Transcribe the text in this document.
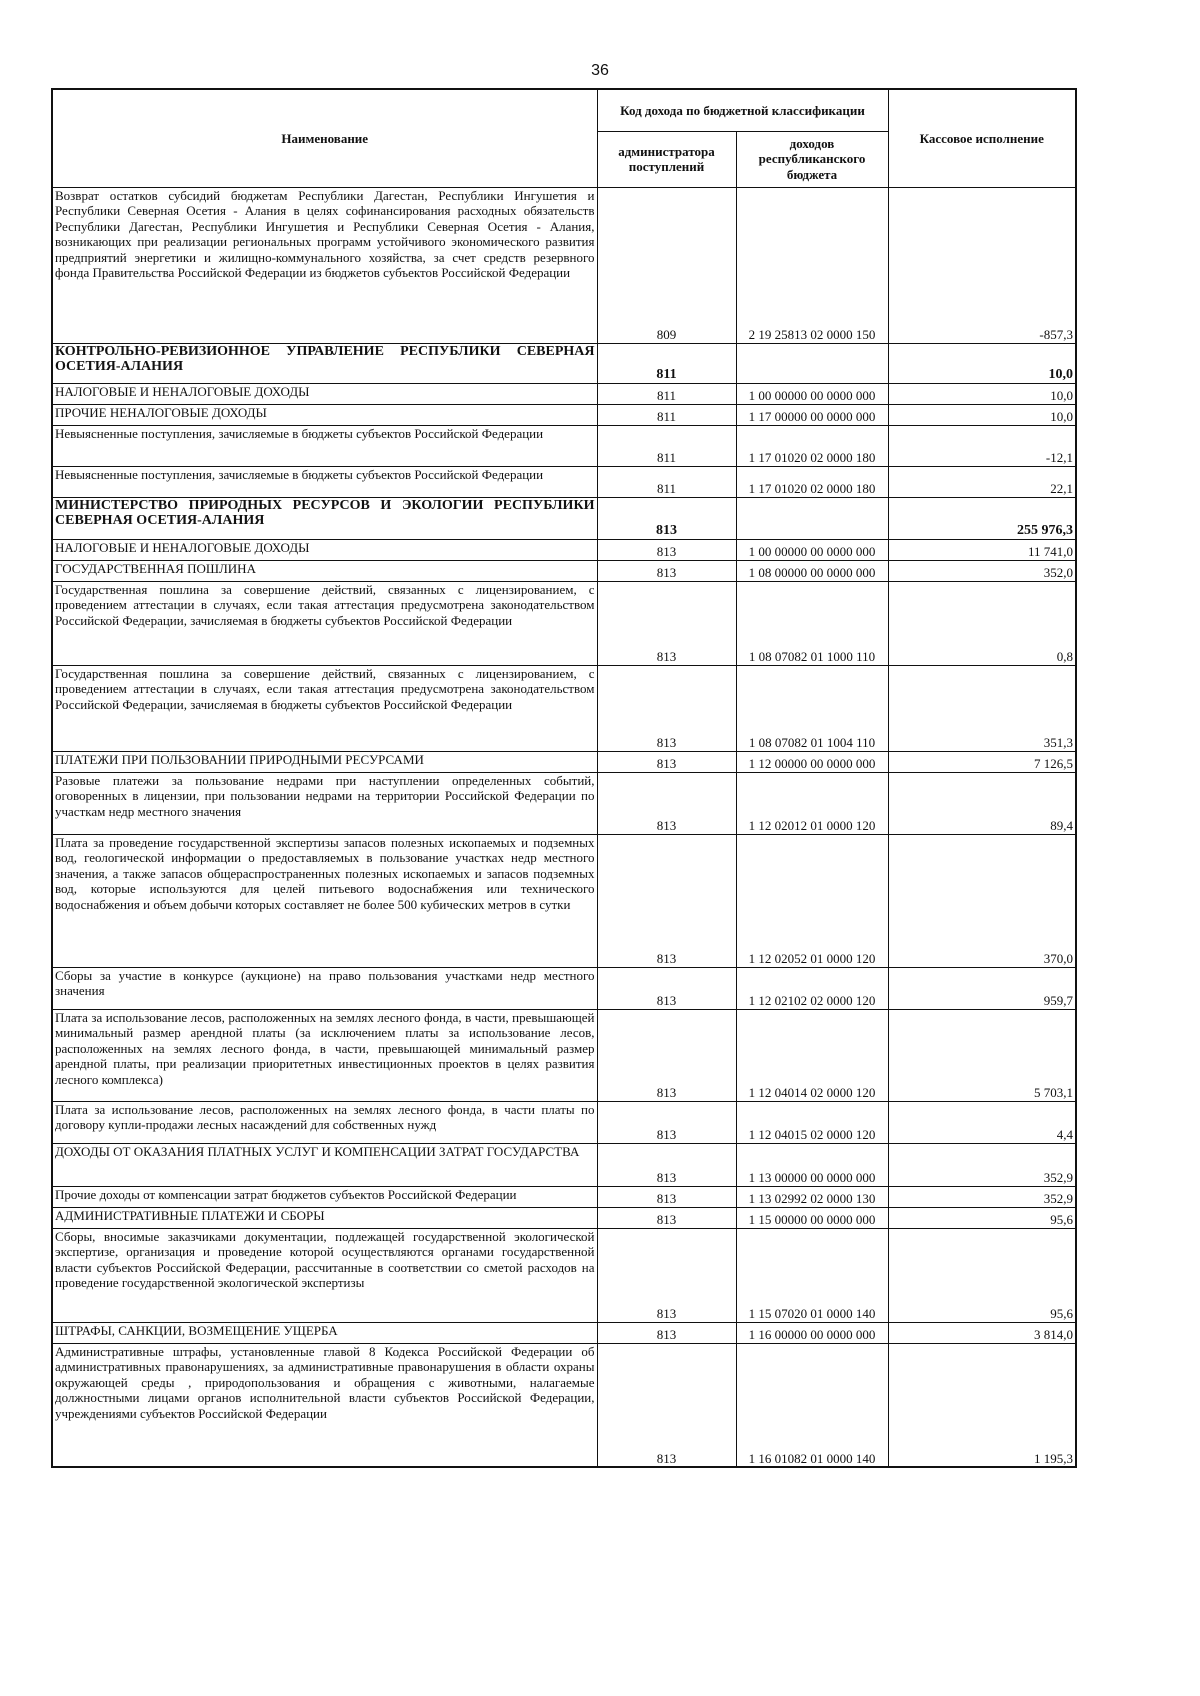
36
Наименование	Код дохода по бюджетной классификации		Кассовое исполнение
	администратора поступлений	доходов республиканского бюджета	
Возврат остатков субсидий бюджетам Республики Дагестан, Республики Ингушетия и Республики Северная Осетия - Алания в целях софинансирования расходных обязательств Республики Дагестан, Республики Ингушетия и Республики Северная Осетия - Алания, возникающих при реализации региональных программ устойчивого экономического развития предприятий энергетики и жилищно-коммунального хозяйства, за счет средств резервного фонда Правительства Российской Федерации из бюджетов субъектов Российской Федерации	809	2 19 25813 02 0000 150	-857,3
КОНТРОЛЬНО-РЕВИЗИОННОЕ УПРАВЛЕНИЕ РЕСПУБЛИКИ СЕВЕРНАЯ ОСЕТИЯ-АЛАНИЯ	811		10,0
НАЛОГОВЫЕ И НЕНАЛОГОВЫЕ ДОХОДЫ	811	1 00 00000 00 0000 000	10,0
ПРОЧИЕ НЕНАЛОГОВЫЕ ДОХОДЫ	811	1 17 00000 00 0000 000	10,0
Невыясненные поступления, зачисляемые в бюджеты субъектов Российской Федерации	811	1 17 01020 02 0000 180	-12,1
Невыясненные поступления, зачисляемые в бюджеты субъектов Российской Федерации	811	1 17 01020 02 0000 180	22,1
МИНИСТЕРСТВО ПРИРОДНЫХ РЕСУРСОВ И ЭКОЛОГИИ РЕСПУБЛИКИ СЕВЕРНАЯ ОСЕТИЯ-АЛАНИЯ	813		255 976,3
НАЛОГОВЫЕ И НЕНАЛОГОВЫЕ ДОХОДЫ	813	1 00 00000 00 0000 000	11 741,0
ГОСУДАРСТВЕННАЯ ПОШЛИНА	813	1 08 00000 00 0000 000	352,0
Государственная пошлина за совершение действий, связанных с лицензированием, с проведением аттестации в случаях, если такая аттестация предусмотрена законодательством Российской Федерации, зачисляемая в бюджеты субъектов Российской Федерации	813	1 08 07082 01 1000 110	0,8
Государственная пошлина за совершение действий, связанных с лицензированием, с проведением аттестации в случаях, если такая аттестация предусмотрена законодательством Российской Федерации, зачисляемая в бюджеты субъектов Российской Федерации	813	1 08 07082 01 1004 110	351,3
ПЛАТЕЖИ ПРИ ПОЛЬЗОВАНИИ ПРИРОДНЫМИ РЕСУРСАМИ	813	1 12 00000 00 0000 000	7 126,5
Разовые платежи за пользование недрами при наступлении определенных событий, оговоренных в лицензии, при пользовании недрами на территории Российской Федерации по участкам недр местного значения	813	1 12 02012 01 0000 120	89,4
Плата за проведение государственной экспертизы запасов полезных ископаемых и подземных вод, геологической информации о предоставляемых в пользование участках недр местного значения, а также запасов общераспространенных полезных ископаемых и запасов подземных вод, которые используются для целей питьевого водоснабжения или технического водоснабжения и объем добычи которых составляет не более 500 кубических метров в сутки	813	1 12 02052 01 0000 120	370,0
Сборы за участие в конкурсе (аукционе) на право пользования участками недр местного значения	813	1 12 02102 02 0000 120	959,7
Плата за использование лесов, расположенных на землях лесного фонда, в части, превышающей минимальный размер арендной платы (за исключением платы за использование лесов, расположенных на землях лесного фонда, в части, превышающей минимальный размер арендной платы, при реализации приоритетных инвестиционных проектов в целях развития лесного комплекса)	813	1 12 04014 02 0000 120	5 703,1
Плата за использование лесов, расположенных на землях лесного фонда, в части платы по договору купли-продажи лесных насаждений для собственных нужд	813	1 12 04015 02 0000 120	4,4
ДОХОДЫ ОТ ОКАЗАНИЯ ПЛАТНЫХ УСЛУГ И КОМПЕНСАЦИИ ЗАТРАТ ГОСУДАРСТВА	813	1 13 00000 00 0000 000	352,9
Прочие доходы от компенсации затрат бюджетов субъектов Российской Федерации	813	1 13 02992 02 0000 130	352,9
АДМИНИСТРАТИВНЫЕ ПЛАТЕЖИ И СБОРЫ	813	1 15 00000 00 0000 000	95,6
Сборы, вносимые заказчиками документации, подлежащей государственной экологической экспертизе, организация и проведение которой осуществляются органами государственной власти субъектов Российской Федерации, рассчитанные в соответствии со сметой расходов на проведение государственной экологической экспертизы	813	1 15 07020 01 0000 140	95,6
ШТРАФЫ, САНКЦИИ, ВОЗМЕЩЕНИЕ УЩЕРБА	813	1 16 00000 00 0000 000	3 814,0
Административные штрафы, установленные главой 8 Кодекса Российской Федерации об административных правонарушениях, за административные правонарушения в области охраны окружающей среды , природопользования и обращения с животными, налагаемые должностными лицами органов исполнительной власти субъектов Российской Федерации, учреждениями субъектов Российской Федерации	813	1 16 01082 01 0000 140	1 195,3
